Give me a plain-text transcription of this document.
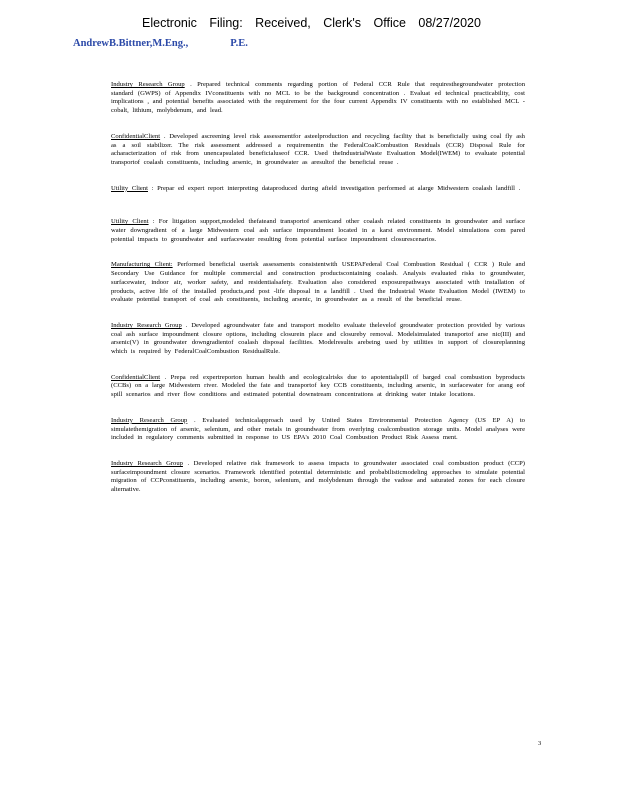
Electronic Filing: Received, Clerk's Office 08/27/2020
AndrewB.Bittner,M.Eng.,	P.E.

Industry Research Group . Prepared technical comments regarding portion of Federal CCR Rule that requiresthegroundwater protection standard (GWPS) of Appendix IVconstituents with no MCL to be the background concentration . Evaluat ed technical practicability, cost implications , and potential benefits associated with the requirement for the four current Appendix IV constituents with no established MCL - cobalt, lithium, molybdenum, and lead.

ConfidentialClient . Developed ascreening level risk assessmentfor asteelproduction and recycling facility that is beneficially using coal fly ash as a soil stabilizer. The risk assessment addressed a requirementin the FederalCoalCombustion Residuals (CCR) Disposal Rule for acharacterization of risk from unencapsulated beneficialuseof CCR. Used theIndustrialWaste Evaluation Model(IWEM) to evaluate potential transportof coalash constituents, including arsenic, in groundwater as aresultof the beneficial reuse .

Utility Client : Prepar ed expert report interpreting dataproduced during afield investigation performed at alarge Midwestern coalash landfill .

Utility Client : For litigation support,modeled thefateand transportof arsenicand other coalash related constituents in groundwater and surface water downgradient of a large Midwestern coal ash surface impoundment located in a karst environment. Model simulations com pared potential impacts to groundwater and surfacewater resulting from potential surface impoundment closurescenarios.

Manufacturing Client: Performed beneficial userisk assessments consistentwith USEPAFederal Coal Combustion Residual ( CCR ) Rule and Secondary Use Guidance for multiple commercial and construction productscontaining coalash. Analysis evaluated risks to groundwater, surfacewater, indoor air, worker safety, and residentialsafety. Evaluation also considered exposurepathways associated with installation of products, active life of the installed products,and post -life disposal in a landfill . Used the Industrial Waste Evaluation Model (IWEM) to evaluate potential transport of coal ash constituents, including arsenic, in groundwater as a result of the beneficial reuse.

Industry Research Group . Developed agroundwater fate and transport modelto evaluate thelevelof groundwater protection provided by various coal ash surface impoundment closure options, including closurein place and closureby removal. Modelsimulated transportof arse nic(III) and arsenic(V) in groundwater downgradientof coalash disposal facilities. Modelresults arebeing used by utilities in support of closureplanning which is required by FederalCoalCombustion ResidualRule.

ConfidentialClient . Prepa red expertreporton human health and ecologicalrisks due to apotentialspill of barged coal combustion byproducts (CCBs) on a large Midwestern river. Modeled the fate and transportof key CCB constituents, including arsenic, in surfacewater for arang eof spill scenarios and river flow conditions and estimated potential downstream concentrations at drinking water intake locations.

Industry Research Group . Evaluated technicalapproach used by United States Environmental Protection Agency (US EP A) to simulatethemigration of arsenic, selenium, and other metals in groundwater from overlying coalcombustion storage units. Model analyses were included in regulatory comments submitted in response to US EPA's 2010 Coal Combustion Product Risk Assess ment.

Industry Research Group . Developed relative risk framework to assess impacts to groundwater associated coal combustion product (CCP) surfaceimpoundment closure scenarios. Framework identified potential deterministic and probabilisticmodeling approaches to simulate potential migration of CCPconstituents, including arsenic, boron, selenium, and molybdenum through the vadose and saturated zones for each closure alternative.

3
